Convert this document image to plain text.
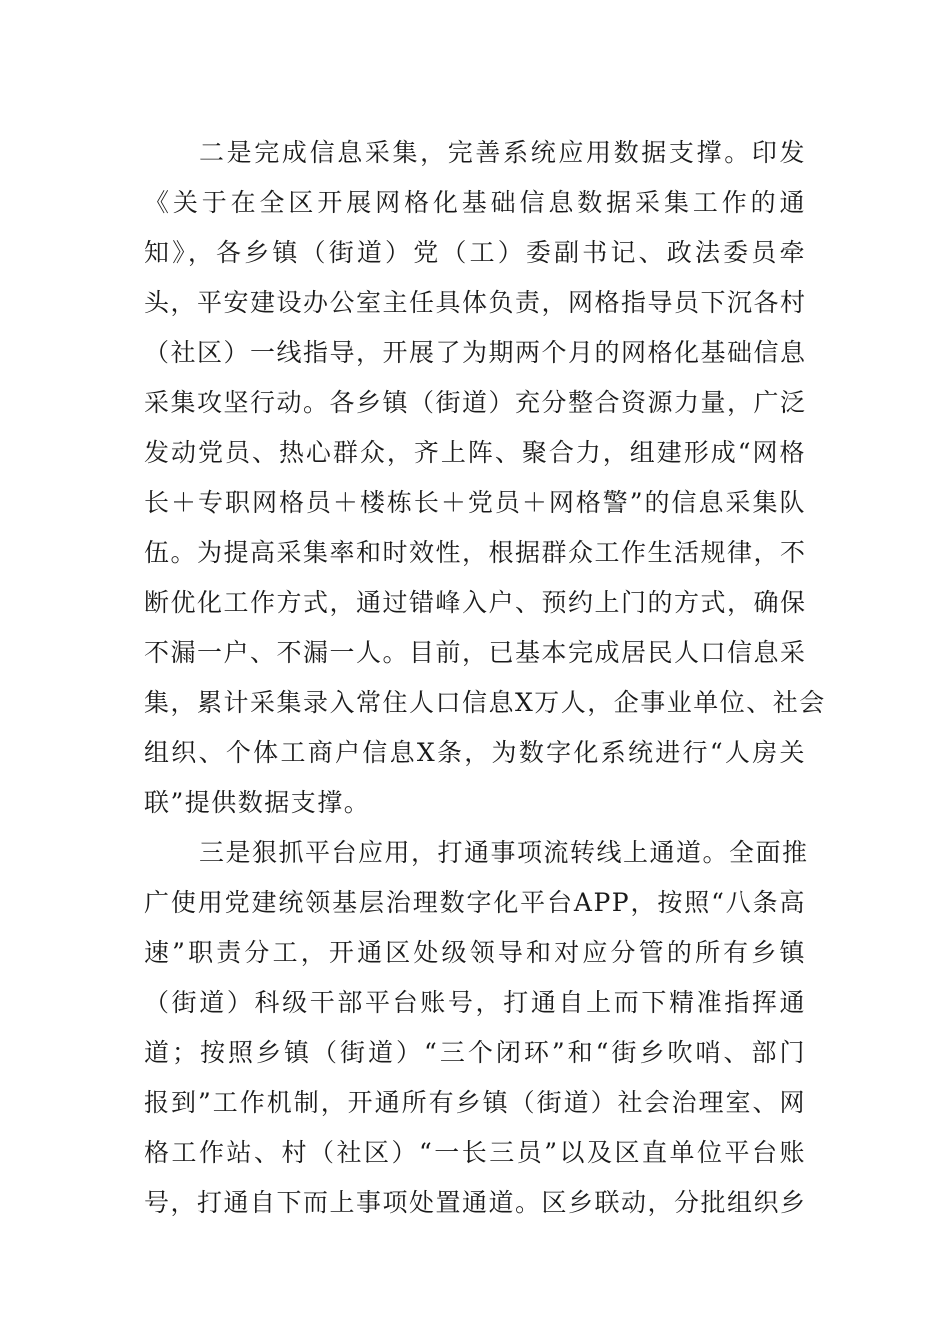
二是完成信息采集，完善系统应用数据支撑。印发
《关于在全区开展网格化基础信息数据采集工作的通
知》，各乡镇（街道）党（工）委副书记、政法委员牵
头，平安建设办公室主任具体负责，网格指导员下沉各村
（社区）一线指导，开展了为期两个月的网格化基础信息
采集攻坚行动。各乡镇（街道）充分整合资源力量，广泛
发动党员、热心群众，齐上阵、聚合力，组建形成“网格
长＋专职网格员＋楼栋长＋党员＋网格警”的信息采集队
伍。为提高采集率和时效性，根据群众工作生活规律，不
断优化工作方式，通过错峰入户、预约上门的方式，确保
不漏一户、不漏一人。目前，已基本完成居民人口信息采
集，累计采集录入常住人口信息X万人，企事业单位、社会
组织、个体工商户信息X条，为数字化系统进行“人房关
联”提供数据支撑。
三是狠抓平台应用，打通事项流转线上通道。全面推
广使用党建统领基层治理数字化平台APP，按照“八条高
速”职责分工，开通区处级领导和对应分管的所有乡镇
（街道）科级干部平台账号，打通自上而下精准指挥通
道；按照乡镇（街道）“三个闭环”和“街乡吹哨、部门
报到”工作机制，开通所有乡镇（街道）社会治理室、网
格工作站、村（社区）“一长三员”以及区直单位平台账
号，打通自下而上事项处置通道。区乡联动，分批组织乡
